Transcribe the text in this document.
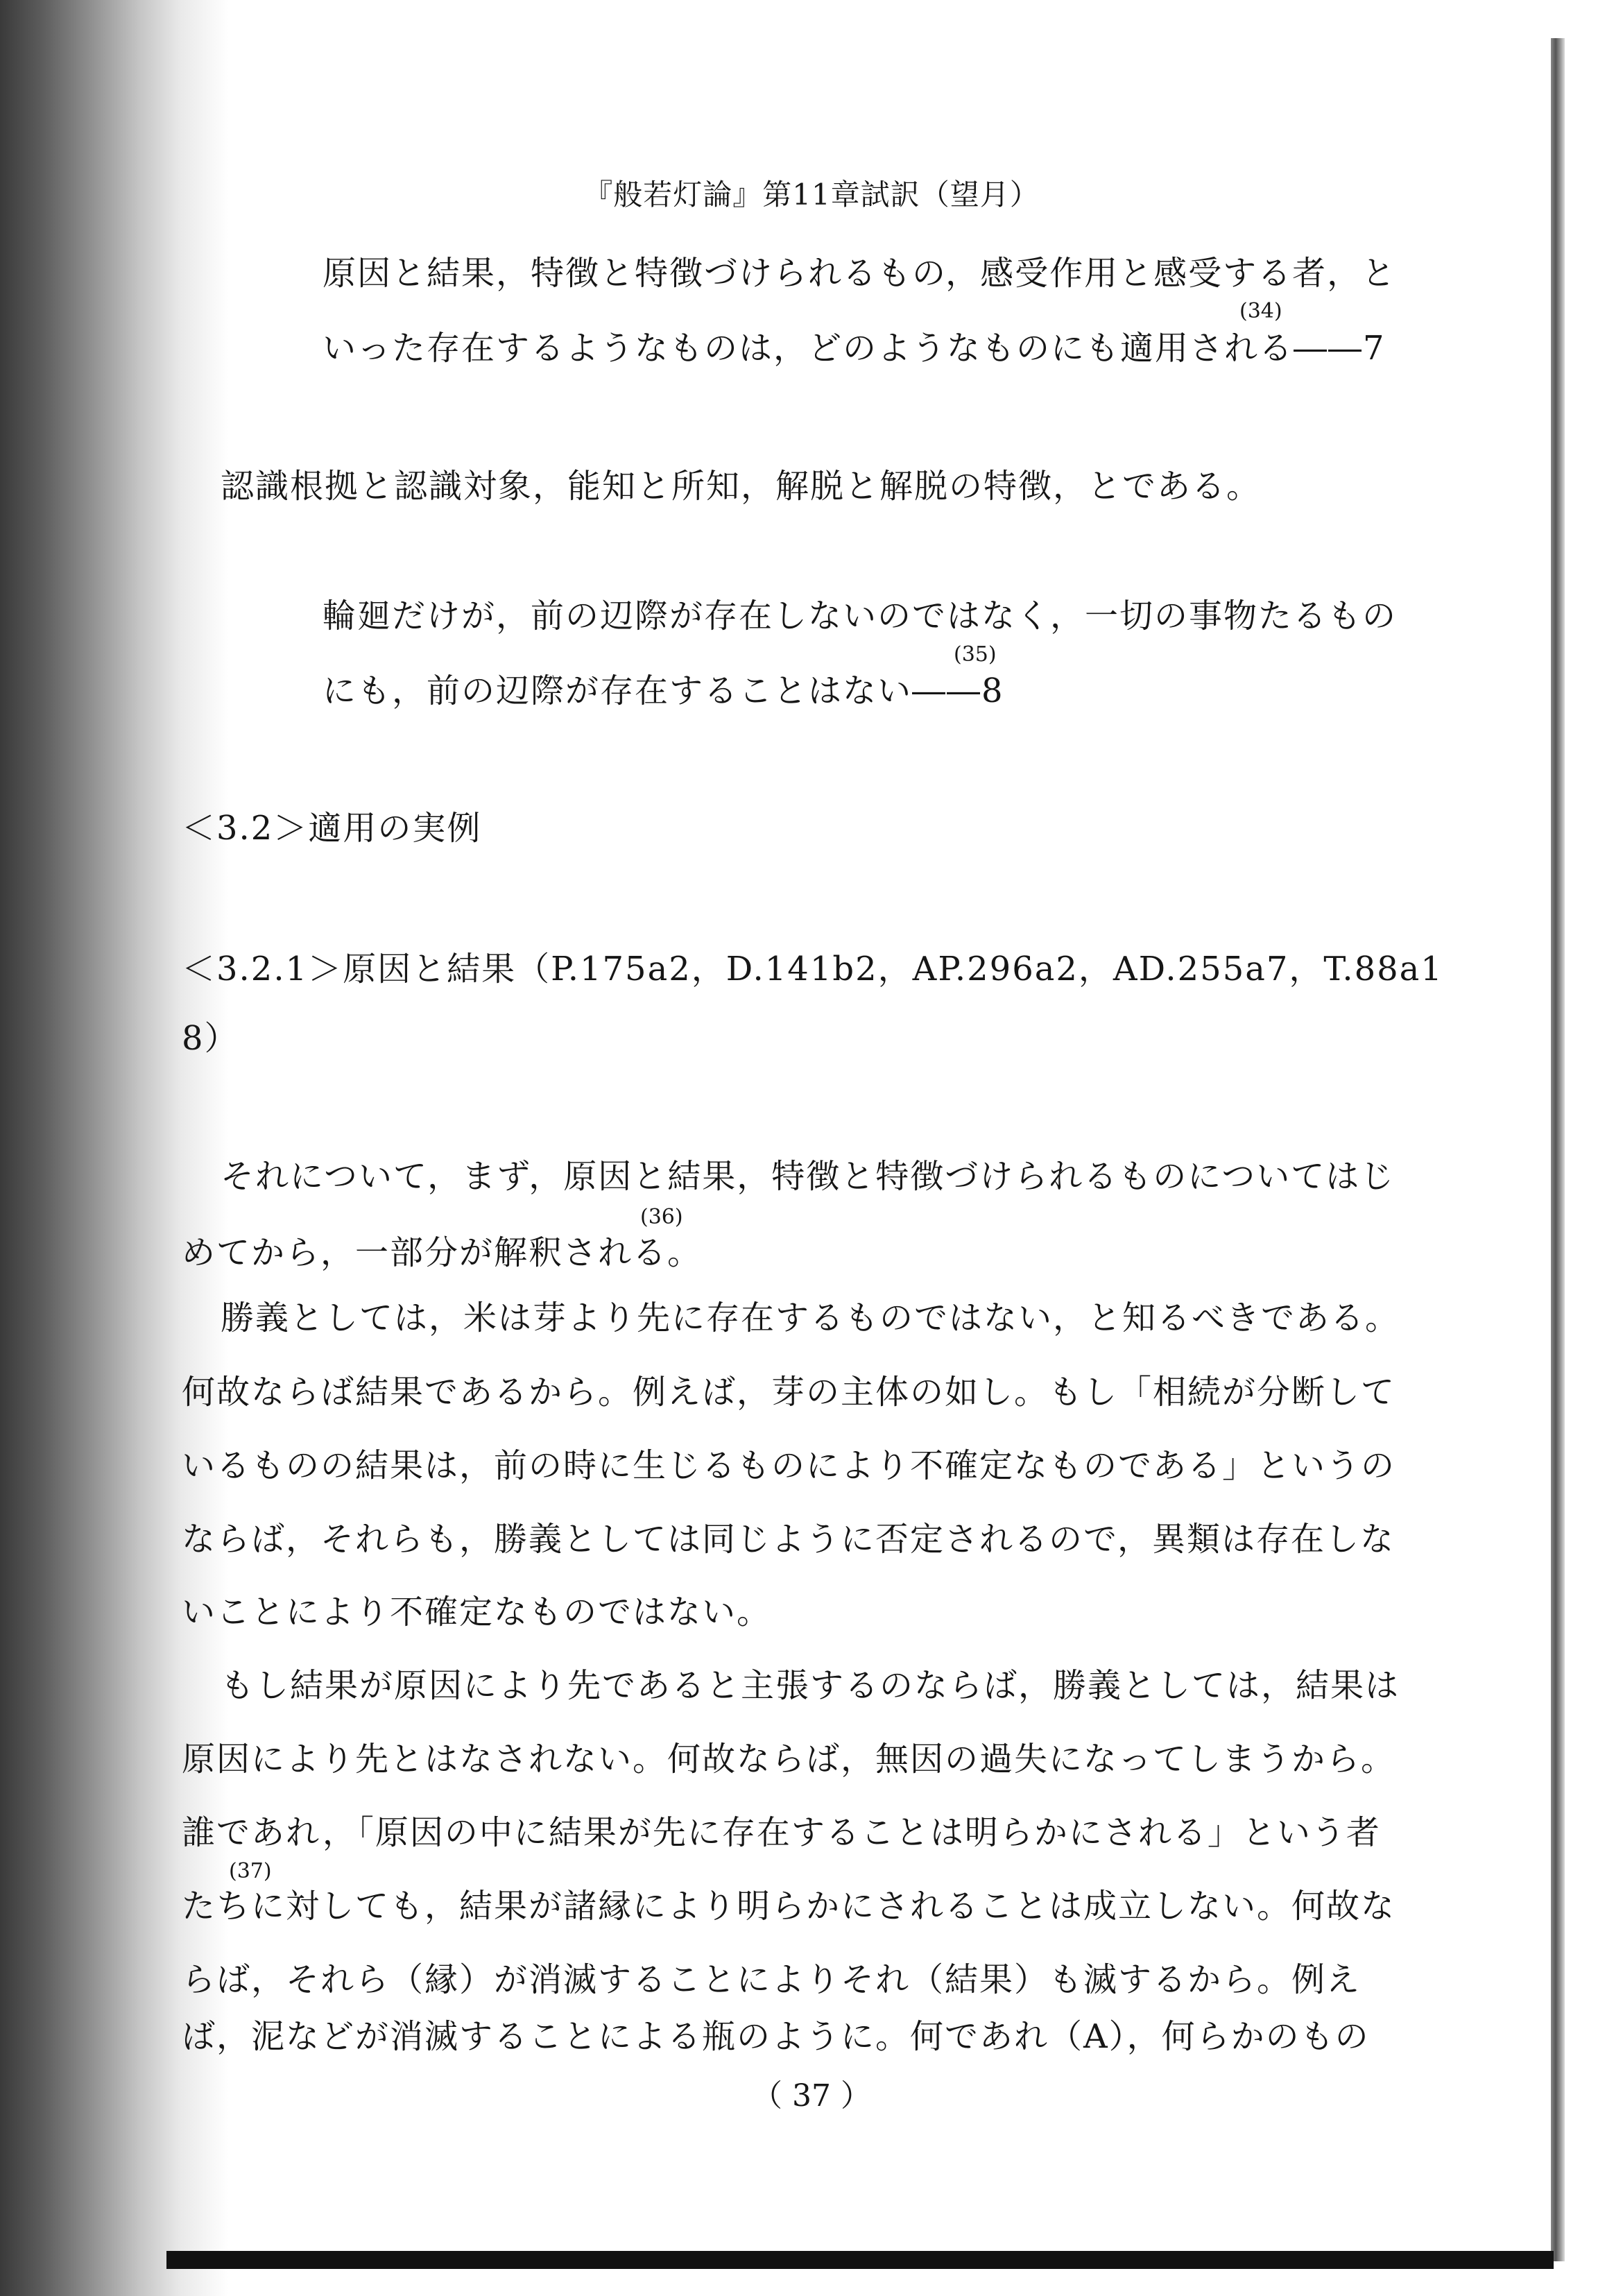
『般若灯論』第11章試訳（望月）
原因と結果，特徴と特徴づけられるもの，感受作用と感受する者，と
(34)
いった存在するようなものは，どのようなものにも適用される――7
認識根拠と認識対象，能知と所知，解脱と解脱の特徴，とである。
輪廻だけが，前の辺際が存在しないのではなく，一切の事物たるもの
(35)
にも，前の辺際が存在することはない――8
＜3.2＞適用の実例
＜3.2.1＞原因と結果（P.175a2，D.141b2，AP.296a2，AD.255a7，T.88a1
8）
それについて，まず，原因と結果，特徴と特徴づけられるものについてはじ
(36)
めてから，一部分が解釈される。
勝義としては，米は芽より先に存在するものではない，と知るべきである。
何故ならば結果であるから。例えば，芽の主体の如し。もし「相続が分断して
いるものの結果は，前の時に生じるものにより不確定なものである」というの
ならば，それらも，勝義としては同じように否定されるので，異類は存在しな
いことにより不確定なものではない。
もし結果が原因により先であると主張するのならば，勝義としては，結果は
原因により先とはなされない。何故ならば，無因の過失になってしまうから。
誰であれ，「原因の中に結果が先に存在することは明らかにされる」という者
(37)
たちに対しても，結果が諸縁により明らかにされることは成立しない。何故な
らば，それら（縁）が消滅することによりそれ（結果）も滅するから。例え
ば，泥などが消滅することによる瓶のように。何であれ（A），何らかのもの
（ 37 ）
